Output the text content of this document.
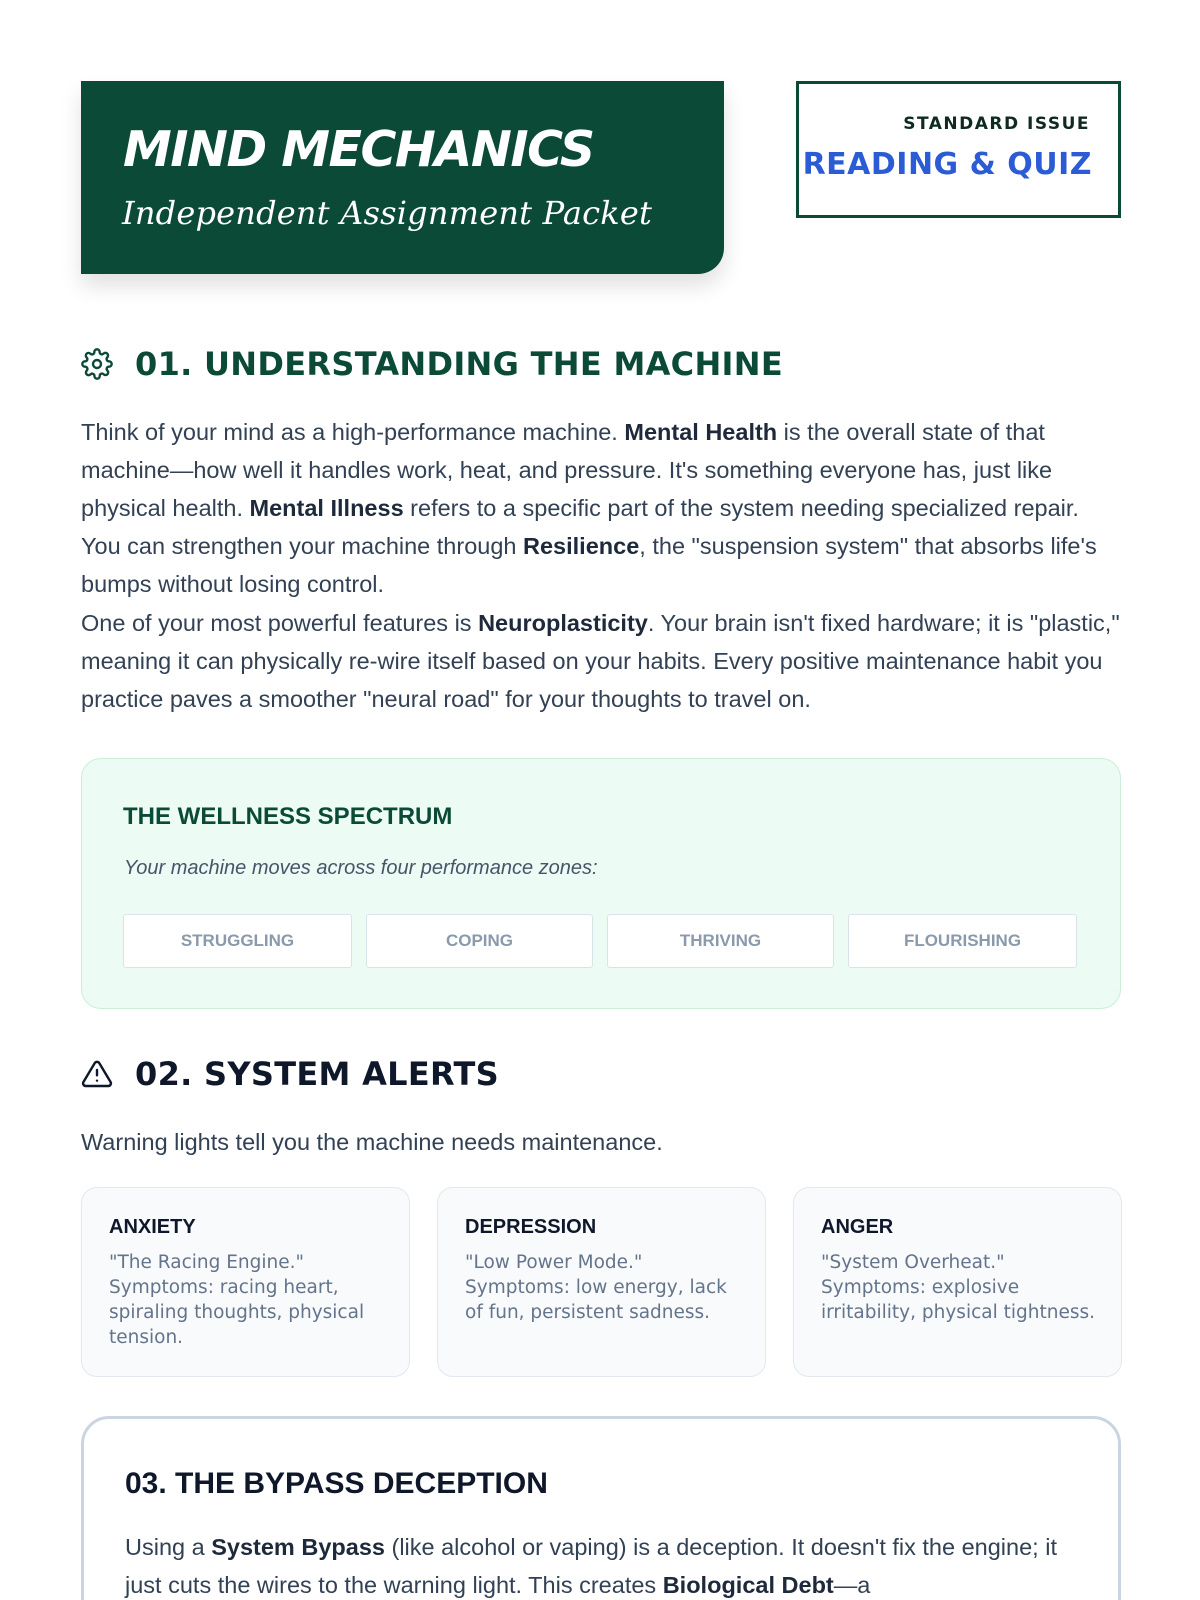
MIND MECHANICS
Independent Assignment Packet
STANDARD ISSUE
READING & QUIZ
01. UNDERSTANDING THE MACHINE
Think of your mind as a high-performance machine. Mental Health is the overall state of that machine—how well it handles work, heat, and pressure. It's something everyone has, just like physical health. Mental Illness refers to a specific part of the system needing specialized repair. You can strengthen your machine through Resilience, the "suspension system" that absorbs life's bumps without losing control.
One of your most powerful features is Neuroplasticity. Your brain isn't fixed hardware; it is "plastic," meaning it can physically re-wire itself based on your habits. Every positive maintenance habit you practice paves a smoother "neural road" for your thoughts to travel on.
THE WELLNESS SPECTRUM
Your machine moves across four performance zones:
STRUGGLING	COPING	THRIVING	FLOURISHING
02. SYSTEM ALERTS
Warning lights tell you the machine needs maintenance.
ANXIETY
"The Racing Engine." Symptoms: racing heart, spiraling thoughts, physical tension.
DEPRESSION
"Low Power Mode." Symptoms: low energy, lack of fun, persistent sadness.
ANGER
"System Overheat." Symptoms: explosive irritability, physical tightness.
03. THE BYPASS DECEPTION
Using a System Bypass (like alcohol or vaping) is a deception. It doesn't fix the engine; it just cuts the wires to the warning light. This creates Biological Debt—a
